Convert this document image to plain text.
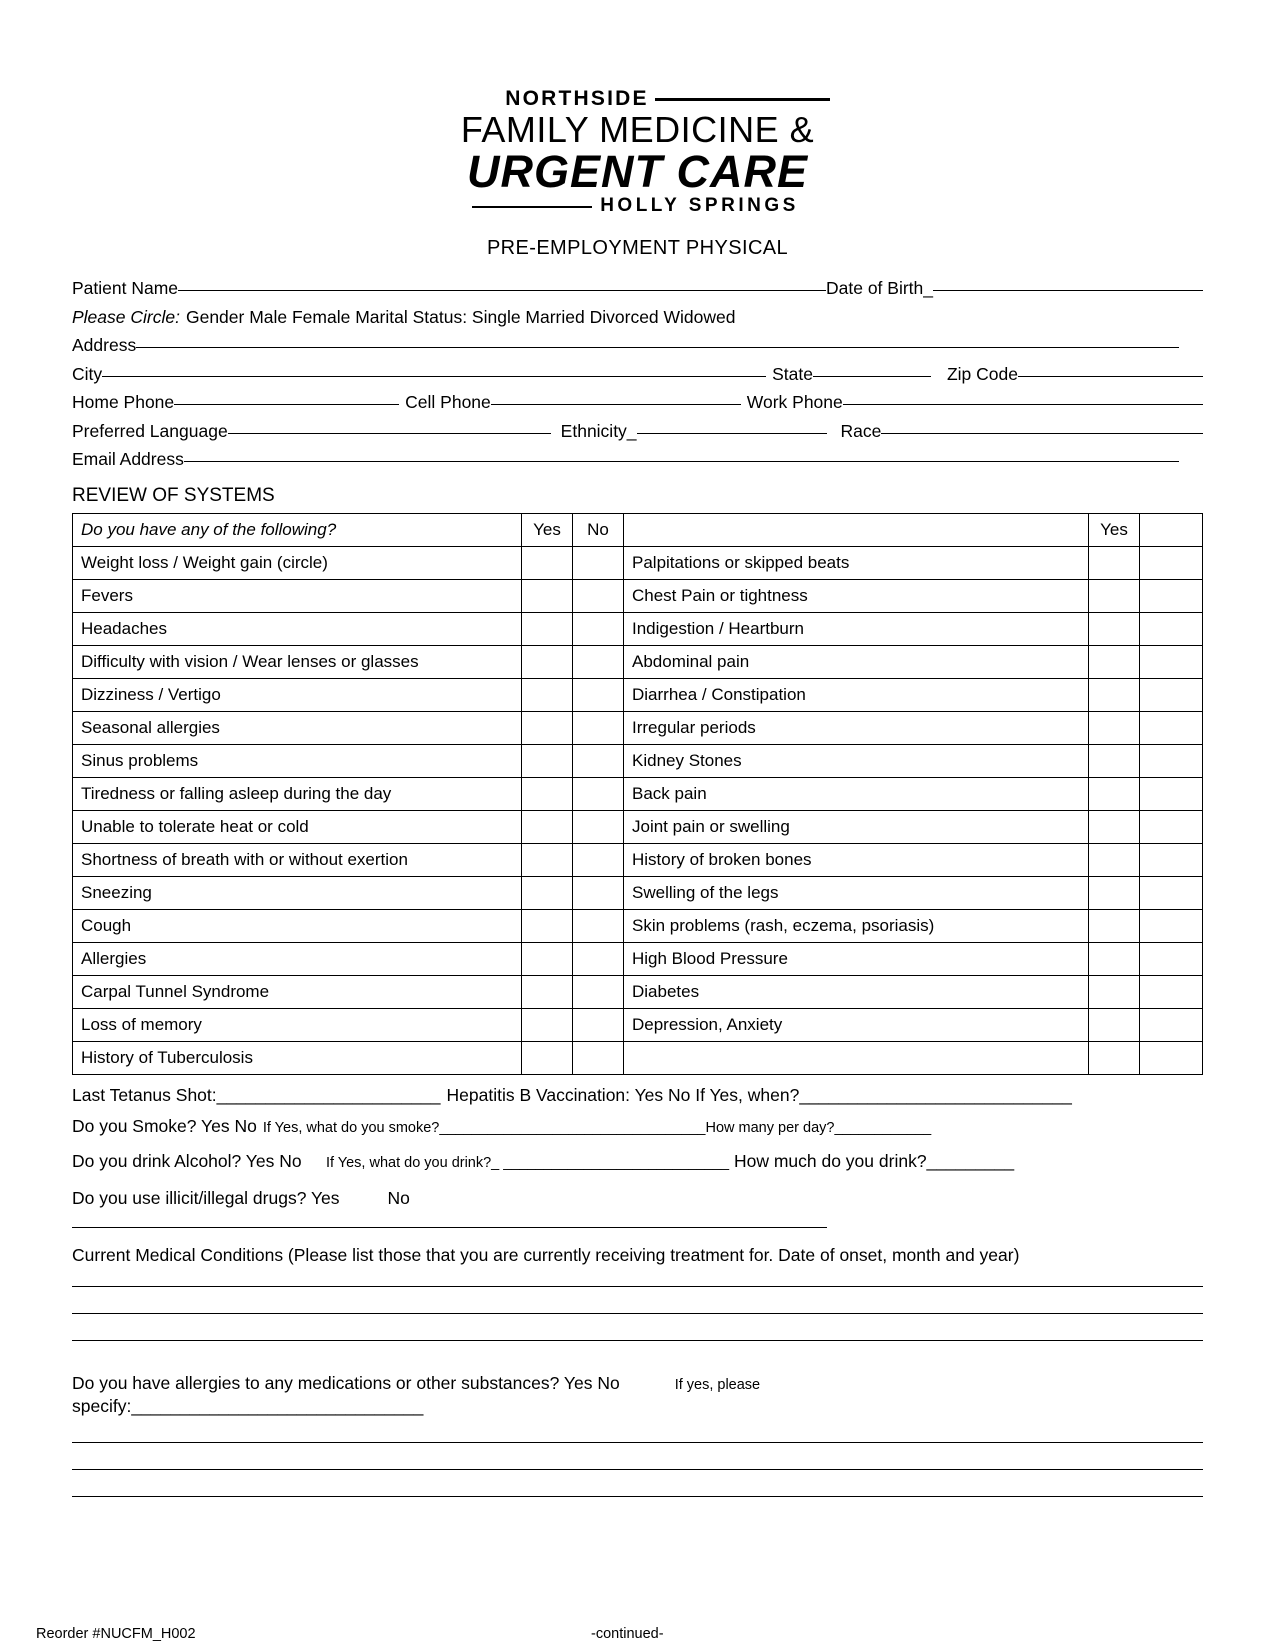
NORTHSIDE
FAMILY MEDICINE &
URGENT CARE
HOLLY SPRINGS
PRE-EMPLOYMENT PHYSICAL
Patient Name	Date of Birth_
Please Circle: Gender Male Female Marital Status: Single Married Divorced Widowed
Address
City	State	Zip Code
Home Phone	Cell Phone	Work Phone
Preferred Language	Ethnicity_	Race
Email Address
REVIEW OF SYSTEMS
Do you have any of the following?	Yes	No		Yes	
Weight loss / Weight gain (circle)			Palpitations or skipped beats		
Fevers			Chest Pain or tightness		
Headaches			Indigestion / Heartburn		
Difficulty with vision / Wear lenses or glasses			Abdominal pain		
Dizziness / Vertigo			Diarrhea / Constipation		
Seasonal allergies			Irregular periods		
Sinus problems			Kidney Stones		
Tiredness or falling asleep during the day			Back pain		
Unable to tolerate heat or cold			Joint pain or swelling		
Shortness of breath with or without exertion			History of broken bones		
Sneezing			Swelling of the legs		
Cough			Skin problems (rash, eczema, psoriasis)		
Allergies			High Blood Pressure		
Carpal Tunnel Syndrome			Diabetes		
Loss of memory			Depression, Anxiety		
History of Tuberculosis					
Last Tetanus Shot: _______________________ Hepatitis B Vaccination: Yes No If Yes, when? ____________________________
Do you Smoke? Yes No If Yes, what do you smoke? _________________________________ How many per day? ____________
Do you drink Alcohol? Yes No If Yes, what do you drink?_ ____________________________ How much do you drink?_________
Do you use illicit/illegal drugs? Yes	No
Current Medical Conditions (Please list those that you are currently receiving treatment for. Date of onset, month and year)
Do you have allergies to any medications or other substances? Yes No	If yes, please
specify:______________________________
Reorder #NUCFM_H002	-continued-
